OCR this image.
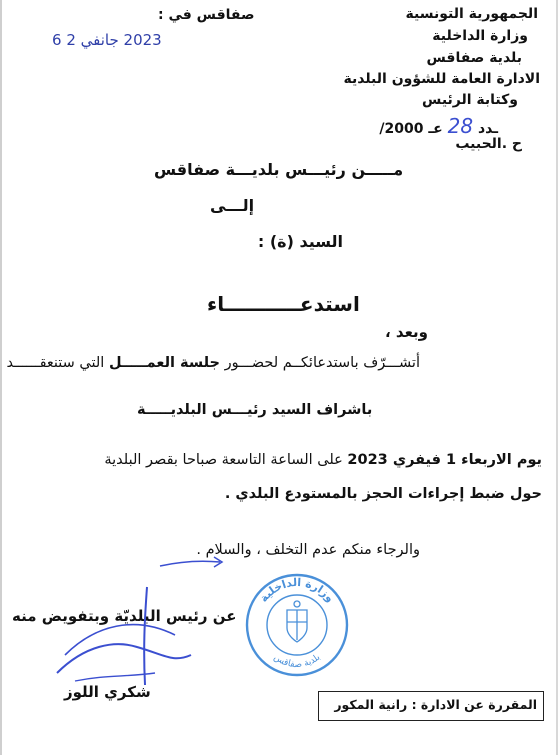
الجمهورية التونسية
وزارة الداخلية
بلدية صفاقس
الادارة العامة للشؤون البلدية
وكتابة الرئيس
/2000 ـدد 28 عـ
ح .الحبيب
صفاقس في :
2023 جانفي 2 6
مـــــن رئيـــس بلديـــة صفاقس
إلـــى
السيد (ة) :
استدعـــــــــــاء
وبعد ،
أتشـــرّف باستدعائكــم لحضـــور جلسة العمـــــل التي ستنعقــــــد
باشراف السيد رئيـــس البلديـــــة
يوم الاربعاء 1 فيفري 2023 على الساعة التاسعة صباحا بقصر البلدية
حول ضبط إجراءات الحجز بالمستودع البلدي .
والرجاء منكم عدم التخلف ، والسلام .
عن رئيس البلديّة وبتفويض منه
شكري اللوز
وزارة الداخلية
بلدية صفاقس
المقررة عن الادارة : رانية المكور
